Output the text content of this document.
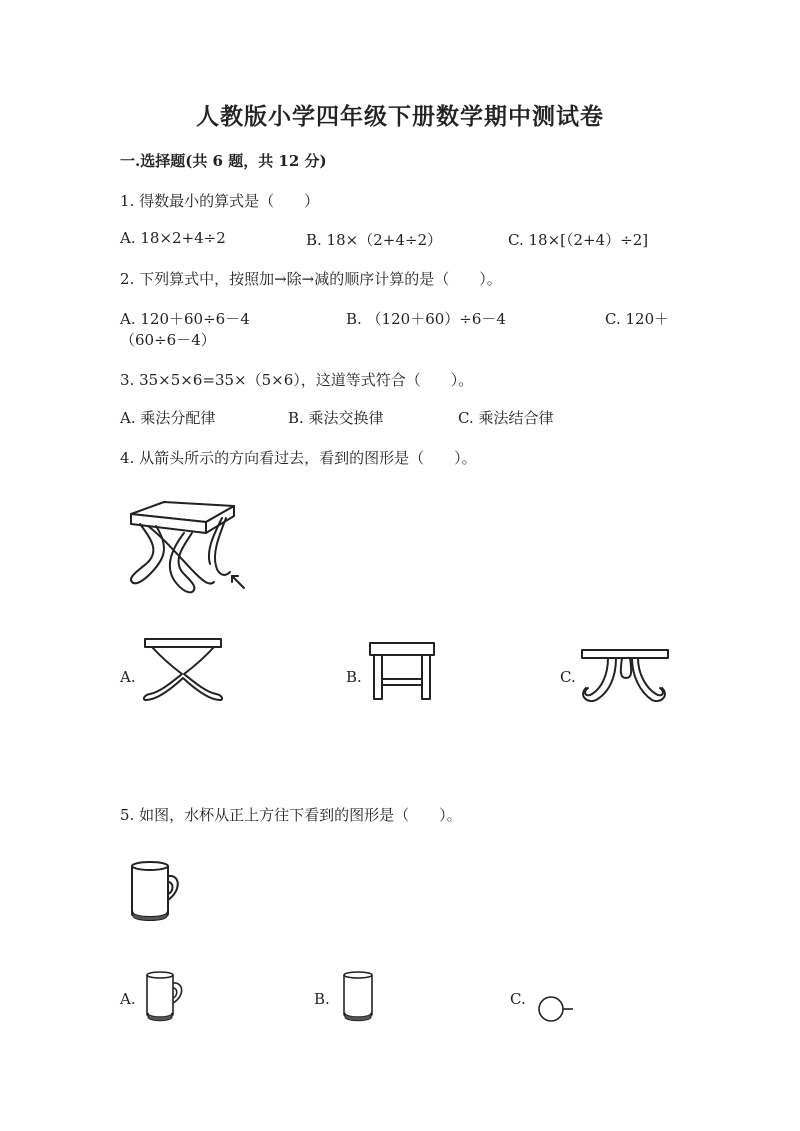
人教版小学四年级下册数学期中测试卷
一.选择题(共 6 题，共 12 分)
1. 得数最小的算式是（　　）
A. 18×2+4÷2	B. 18×（2+4÷2）	C. 18×[（2+4）÷2]
2. 下列算式中，按照加→除→减的顺序计算的是（　　）。
A. 120＋60÷6－4	B. （120＋60）÷6－4	C. 120＋
（60÷6－4）
3. 35×5×6=35×（5×6），这道等式符合（　　）。
A. 乘法分配律	B. 乘法交换律	C. 乘法结合律
4. 从箭头所示的方向看过去，看到的图形是（　　）。
A.	B.	C.
5. 如图，水杯从正上方往下看到的图形是（　　）。
A.	B.	C.
